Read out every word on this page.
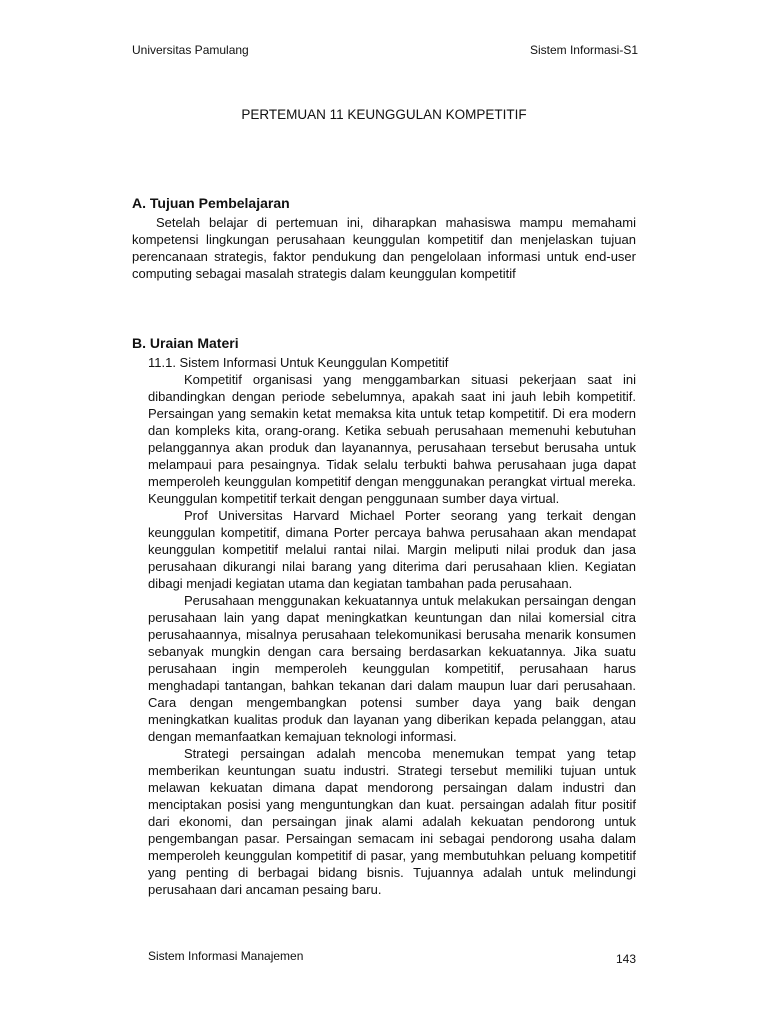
Universitas Pamulang	Sistem Informasi-S1
PERTEMUAN 11 KEUNGGULAN KOMPETITIF
A. Tujuan Pembelajaran

Setelah belajar di pertemuan ini, diharapkan mahasiswa mampu memahami kompetensi lingkungan perusahaan keunggulan kompetitif dan menjelaskan tujuan perencanaan strategis, faktor pendukung dan pengelolaan informasi untuk end-user computing sebagai masalah strategis dalam keunggulan kompetitif

B. Uraian Materi
11.1. Sistem Informasi Untuk Keunggulan Kompetitif

Kompetitif organisasi yang menggambarkan situasi pekerjaan saat ini dibandingkan dengan periode sebelumnya, apakah saat ini jauh lebih kompetitif. Persaingan yang semakin ketat memaksa kita untuk tetap kompetitif. Di era modern dan kompleks kita, orang-orang. Ketika sebuah perusahaan memenuhi kebutuhan pelanggannya akan produk dan layanannya, perusahaan tersebut berusaha untuk melampaui para pesaingnya. Tidak selalu terbukti bahwa perusahaan juga dapat memperoleh keunggulan kompetitif dengan menggunakan perangkat virtual mereka. Keunggulan kompetitif terkait dengan penggunaan sumber daya virtual.

Prof Universitas Harvard Michael Porter seorang yang terkait dengan keunggulan kompetitif, dimana Porter percaya bahwa perusahaan akan mendapat keunggulan kompetitif melalui rantai nilai. Margin meliputi nilai produk dan jasa perusahaan dikurangi nilai barang yang diterima dari perusahaan klien. Kegiatan dibagi menjadi kegiatan utama dan kegiatan tambahan pada perusahaan.

Perusahaan menggunakan kekuatannya untuk melakukan persaingan dengan perusahaan lain yang dapat meningkatkan keuntungan dan nilai komersial citra perusahaannya, misalnya perusahaan telekomunikasi berusaha menarik konsumen sebanyak mungkin dengan cara bersaing berdasarkan kekuatannya. Jika suatu perusahaan ingin memperoleh keunggulan kompetitif, perusahaan harus menghadapi tantangan, bahkan tekanan dari dalam maupun luar dari perusahaan. Cara dengan mengembangkan potensi sumber daya yang baik dengan meningkatkan kualitas produk dan layanan yang diberikan kepada pelanggan, atau dengan memanfaatkan kemajuan teknologi informasi.

Strategi persaingan adalah mencoba menemukan tempat yang tetap memberikan keuntungan suatu industri. Strategi tersebut memiliki tujuan untuk melawan kekuatan dimana dapat mendorong persaingan dalam industri dan menciptakan posisi yang menguntungkan dan kuat. persaingan adalah fitur positif dari ekonomi, dan persaingan jinak alami adalah kekuatan pendorong untuk pengembangan pasar. Persaingan semacam ini sebagai pendorong usaha dalam memperoleh keunggulan kompetitif di pasar, yang membutuhkan peluang kompetitif yang penting di berbagai bidang bisnis. Tujuannya adalah untuk melindungi perusahaan dari ancaman pesaing baru.

Sistem Informasi Manajemen	143
